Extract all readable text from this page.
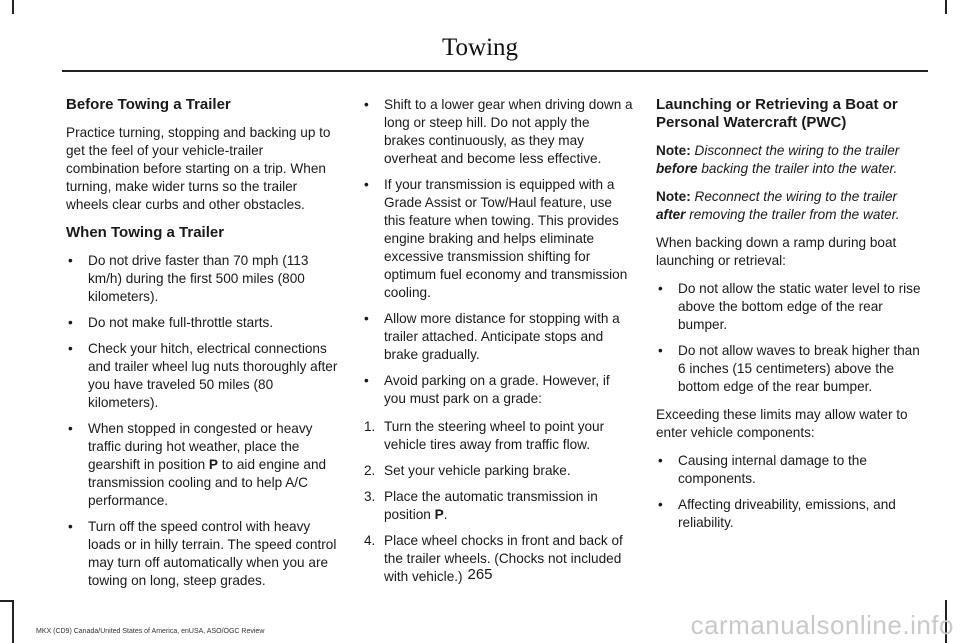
Towing
Before Towing a Trailer

Practice turning, stopping and backing up to get the feel of your vehicle-trailer combination before starting on a trip. When turning, make wider turns so the trailer wheels clear curbs and other obstacles.

When Towing a Trailer
• Do not drive faster than 70 mph (113 km/h) during the first 500 miles (800 kilometers).
• Do not make full-throttle starts.
• Check your hitch, electrical connections and trailer wheel lug nuts thoroughly after you have traveled 50 miles (80 kilometers).
• When stopped in congested or heavy traffic during hot weather, place the gearshift in position P to aid engine and transmission cooling and to help A/C performance.
• Turn off the speed control with heavy loads or in hilly terrain. The speed control may turn off automatically when you are towing on long, steep grades.
• Shift to a lower gear when driving down a long or steep hill. Do not apply the brakes continuously, as they may overheat and become less effective.
• If your transmission is equipped with a Grade Assist or Tow/Haul feature, use this feature when towing. This provides engine braking and helps eliminate excessive transmission shifting for optimum fuel economy and transmission cooling.
• Allow more distance for stopping with a trailer attached. Anticipate stops and brake gradually.
• Avoid parking on a grade. However, if you must park on a grade:
1. Turn the steering wheel to point your vehicle tires away from traffic flow.
2. Set your vehicle parking brake.
3. Place the automatic transmission in position P.
4. Place wheel chocks in front and back of the trailer wheels. (Chocks not included with vehicle.)
Launching or Retrieving a Boat or Personal Watercraft (PWC)

Note: Disconnect the wiring to the trailer before backing the trailer into the water.

Note: Reconnect the wiring to the trailer after removing the trailer from the water.

When backing down a ramp during boat launching or retrieval:

• Do not allow the static water level to rise above the bottom edge of the rear bumper.
• Do not allow waves to break higher than 6 inches (15 centimeters) above the bottom edge of the rear bumper.

Exceeding these limits may allow water to enter vehicle components:

• Causing internal damage to the components.
• Affecting driveability, emissions, and reliability.
265
MKX (CD9) Canada/United States of America, enUSA, ASO/OGC Review	carmanualsonline.info
